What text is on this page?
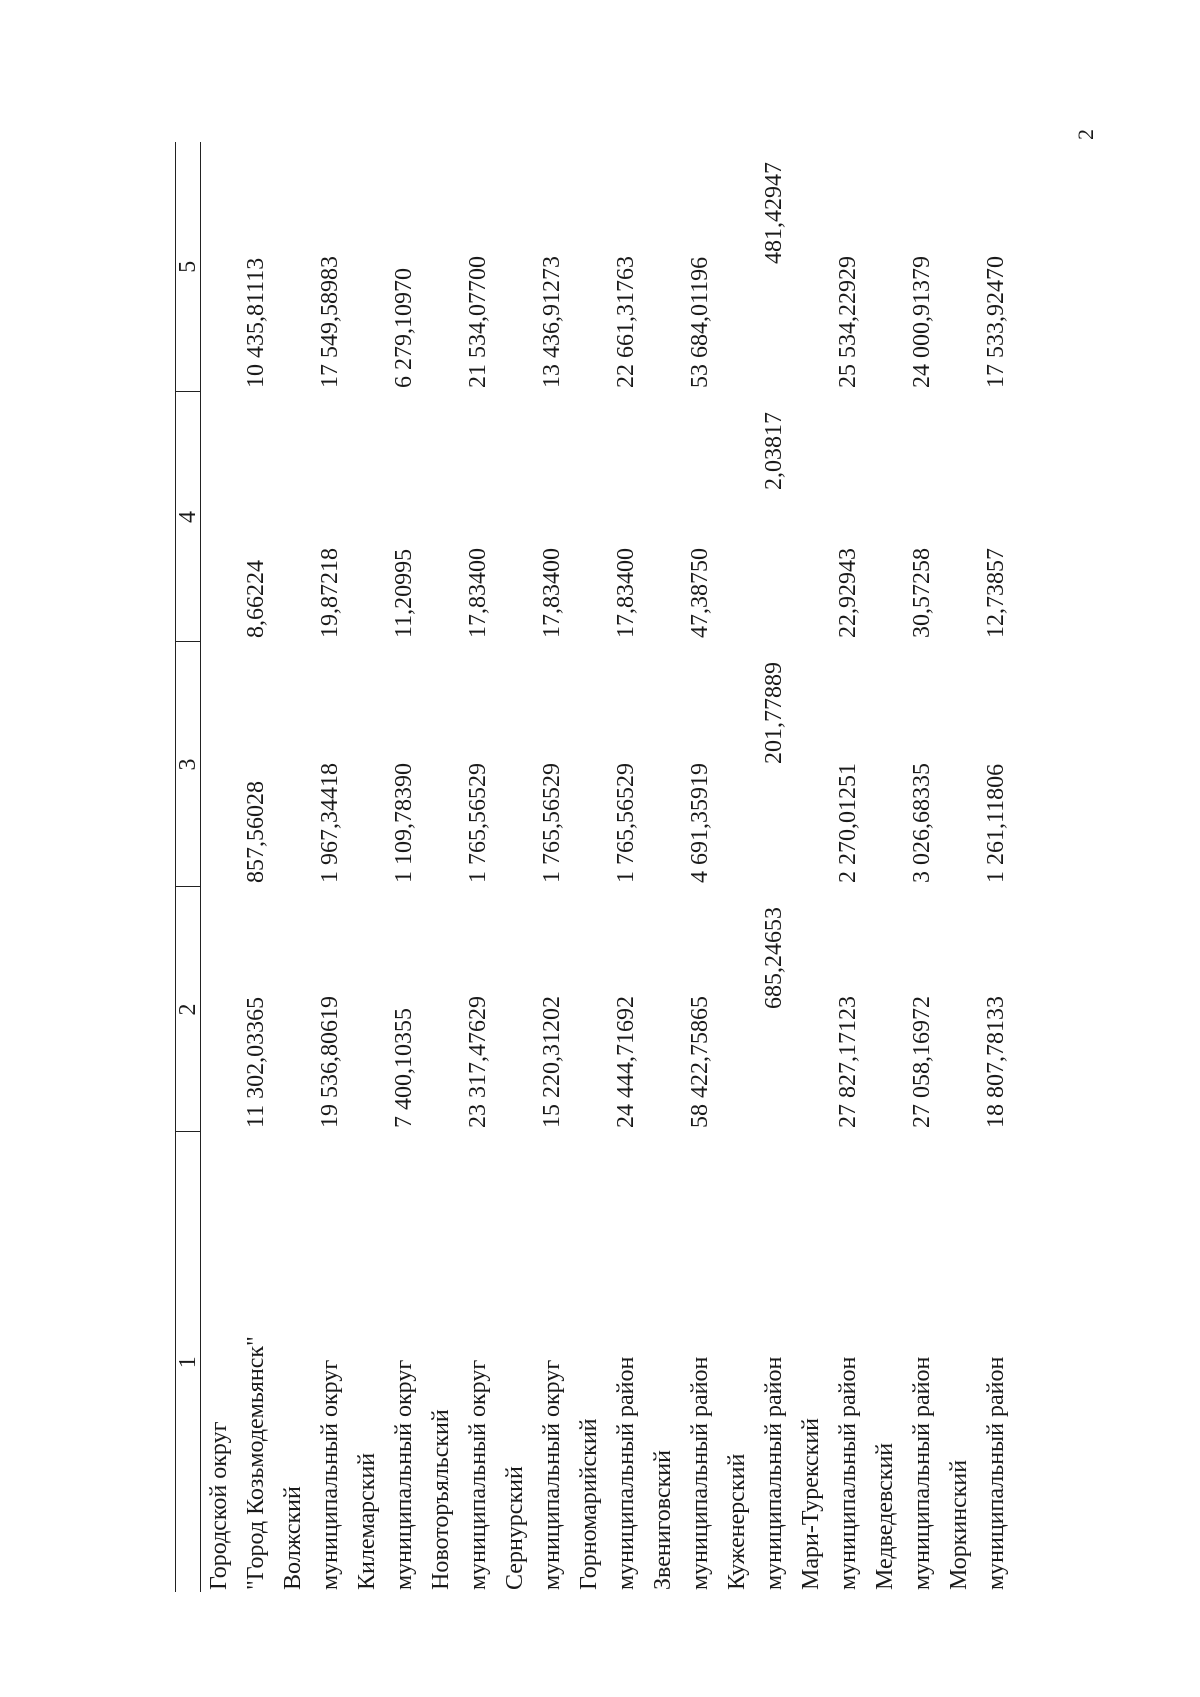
2
1	2	3	4	5

Городской округ "Город Козьмодемьянск"	11 302,03365	857,56028	8,66224	10 435,81113

Волжский муниципальный округ	19 536,80619	1 967,34418	19,87218	17 549,58983

Килемарский муниципальный округ	7 400,10355	1 109,78390	11,20995	6 279,10970

Новоторъяльский муниципальный округ	23 317,47629	1 765,56529	17,83400	21 534,07700

Сернурский муниципальный округ	15 220,31202	1 765,56529	17,83400	13 436,91273

Горномарийский муниципальный район	24 444,71692	1 765,56529	17,83400	22 661,31763

Звениговский муниципальный район	58 422,75865	4 691,35919	47,38750	53 684,01196

Куженерский муниципальный район	685,24653	201,77889	2,03817	481,42947

Мари-Турекский муниципальный район	27 827,17123	2 270,01251	22,92943	25 534,22929

Медведевский муниципальный район	27 058,16972	3 026,68335	30,57258	24 000,91379

Моркинский муниципальный район	18 807,78133	1 261,11806	12,73857	17 533,92470
